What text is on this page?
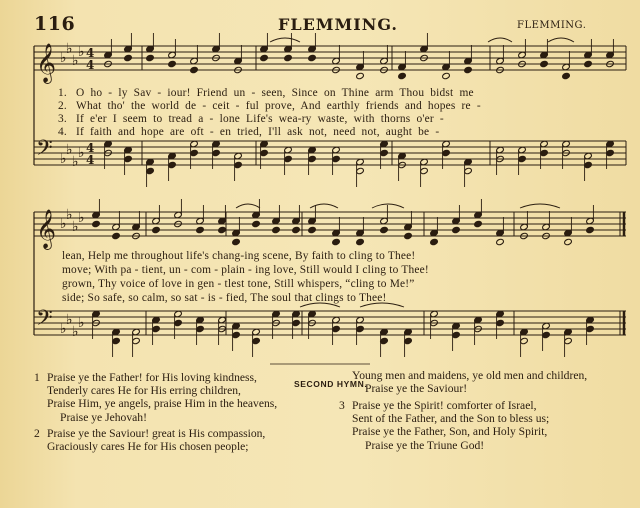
116	FLEMMING.	FLEMMING.
𝄞 ♭
♭
♭
♭ 4
4
𝄢 ♭
♭
♭
♭ 4
4
𝄞 ♭
♭
♭
♭
𝄢 ♭
♭
♭
♭
1. O ho - ly Sav - iour! Friend un - seen, Since on Thine arm Thou bidst me
2. What tho' the world de - ceit - ful prove, And earthly friends and hopes re -
3. If e'er I seem to tread a - lone Life's wea-ry waste, with thorns o'er -
4. If faith and hope are oft - en tried, I'll ask not, need not, aught be -
lean, Help me throughout life's chang-ing scene, By faith to cling to Thee!
move; With pa - tient, un - com - plain - ing love, Still would I cling to Thee!
grown, Thy voice of love in gen - tlest tone, Still whispers, “cling to Me!”
side; So safe, so calm, so sat - is - fied, The soul that clings to Thee!
SECOND HYMN.
1 Praise ye the Father! for His loving kindness,
Tenderly cares He for His erring children,
Praise Him, ye angels, praise Him in the heavens,
Praise ye Jehovah!
2 Praise ye the Saviour! great is His compassion,
Graciously cares He for His chosen people;
Young men and maidens, ye old men and children,
Praise ye the Saviour!
3 Praise ye the Spirit! comforter of Israel,
Sent of the Father, and the Son to bless us;
Praise ye the Father, Son, and Holy Spirit,
Praise ye the Triune God!
